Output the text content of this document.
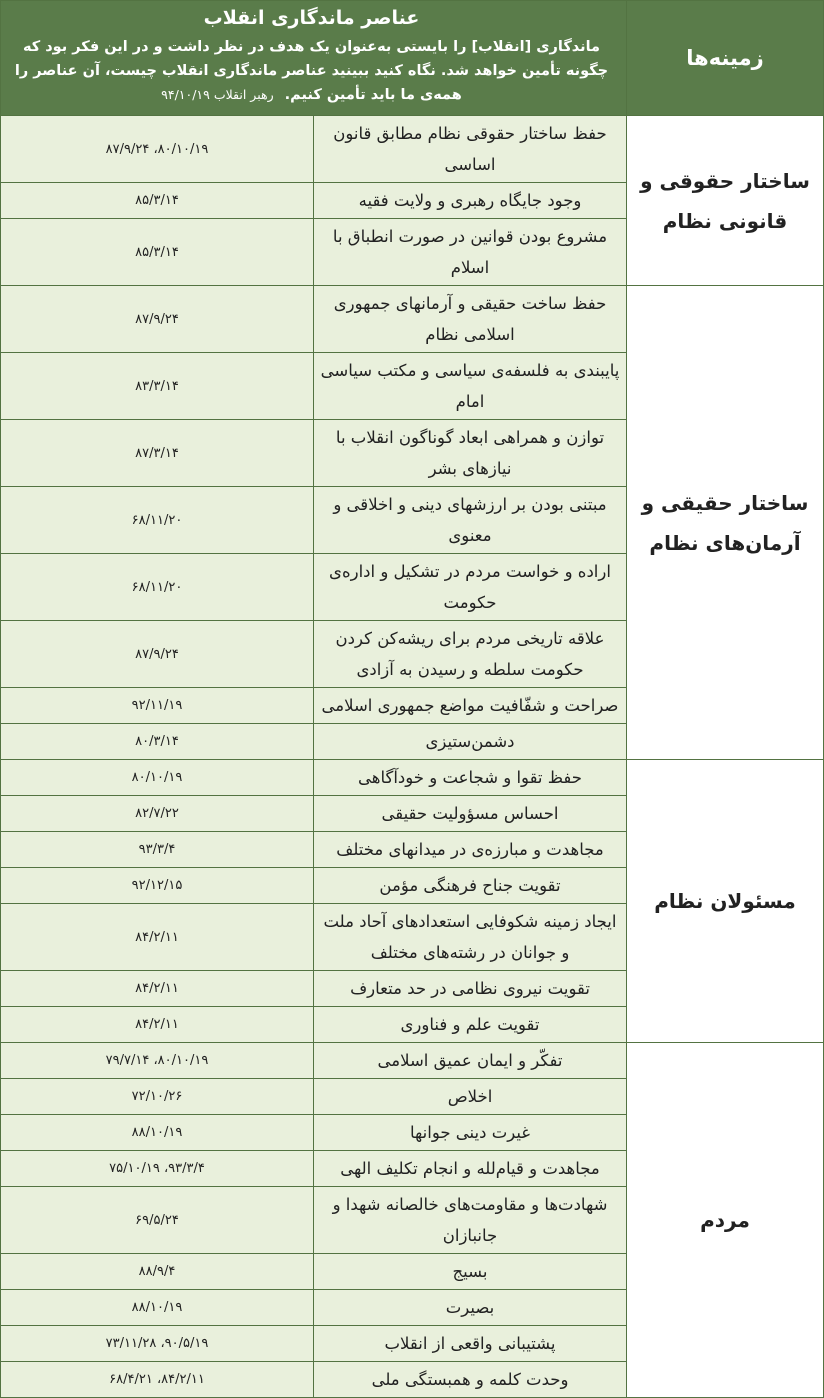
زمینه‌ها	عناصر ماندگاری انقلاب
ماندگاری [انقلاب] را بایستی به‌عنوان یک هدف در نظر داشت و در این فکر بود که چگونه تأمین خواهد شد. نگاه کنید ببینید عناصر ماندگاری انقلاب چیست، آن عناصر را همه‌ی ما باید تأمین کنیم. رهبر انقلاب ۹۴/۱۰/۱۹	

ساختار حقوقی و قانونی نظام	حفظ ساختار حقوقی نظام مطابق قانون اساسی	۸۰/۱۰/۱۹، ۸۷/۹/۲۴
	وجود جایگاه رهبری و ولایت فقیه	۸۵/۳/۱۴
	مشروع بودن قوانین در صورت انطباق با اسلام	۸۵/۳/۱۴
ساختار حقیقی و آرمان‌های نظام	حفظ ساخت حقیقی و آرمانهای جمهوری اسلامی نظام	۸۷/۹/۲۴
	پایبندی به فلسفه‌ی سیاسی و مکتب سیاسی امام	۸۳/۳/۱۴
	توازن و همراهی ابعاد گوناگون انقلاب با نیازهای بشر	۸۷/۳/۱۴
	مبتنی بودن بر ارزشهای دینی و اخلاقی و معنوی	۶۸/۱۱/۲۰
	اراده و خواست مردم در تشکیل و اداره‌ی حکومت	۶۸/۱۱/۲۰
	علاقه تاریخی مردم برای ریشه‌کن کردن حکومت سلطه و رسیدن به آزادی	۸۷/۹/۲۴
	صراحت و شفّافیت مواضع جمهوری اسلامی	۹۲/۱۱/۱۹
	دشمن‌ستیزی	۸۰/۳/۱۴
مسئولان نظام	حفظ تقوا و شجاعت و خودآگاهی	۸۰/۱۰/۱۹
	احساس مسؤولیت حقیقی	۸۲/۷/۲۲
	مجاهدت و مبارزه‌ی در میدانهای مختلف	۹۳/۳/۴
	تقویت جناح فرهنگی مؤمن	۹۲/۱۲/۱۵
	ایجاد زمینه شکوفایی استعدادهای آحاد ملت و جوانان در رشته‌های مختلف	۸۴/۲/۱۱
	تقویت نیروی نظامی در حد متعارف	۸۴/۲/۱۱
	تقویت علم و فناوری	۸۴/۲/۱۱
مردم	تفکّر و ایمان عمیق اسلامی	۸۰/۱۰/۱۹، ۷۹/۷/۱۴
	اخلاص	۷۲/۱۰/۲۶
	غیرت دینی جوانها	۸۸/۱۰/۱۹
	مجاهدت و قیام‌لله و انجام تکلیف الهی	۹۳/۳/۴، ۷۵/۱۰/۱۹
	شهادت‌ها و مقاومت‌های خالصانه شهدا و جانبازان	۶۹/۵/۲۴
	بسیج	۸۸/۹/۴
	بصیرت	۸۸/۱۰/۱۹
	پشتیبانی واقعی از انقلاب	۹۰/۵/۱۹، ۷۳/۱۱/۲۸
	وحدت کلمه و همبستگی ملی	۸۴/۲/۱۱، ۶۸/۴/۲۱
